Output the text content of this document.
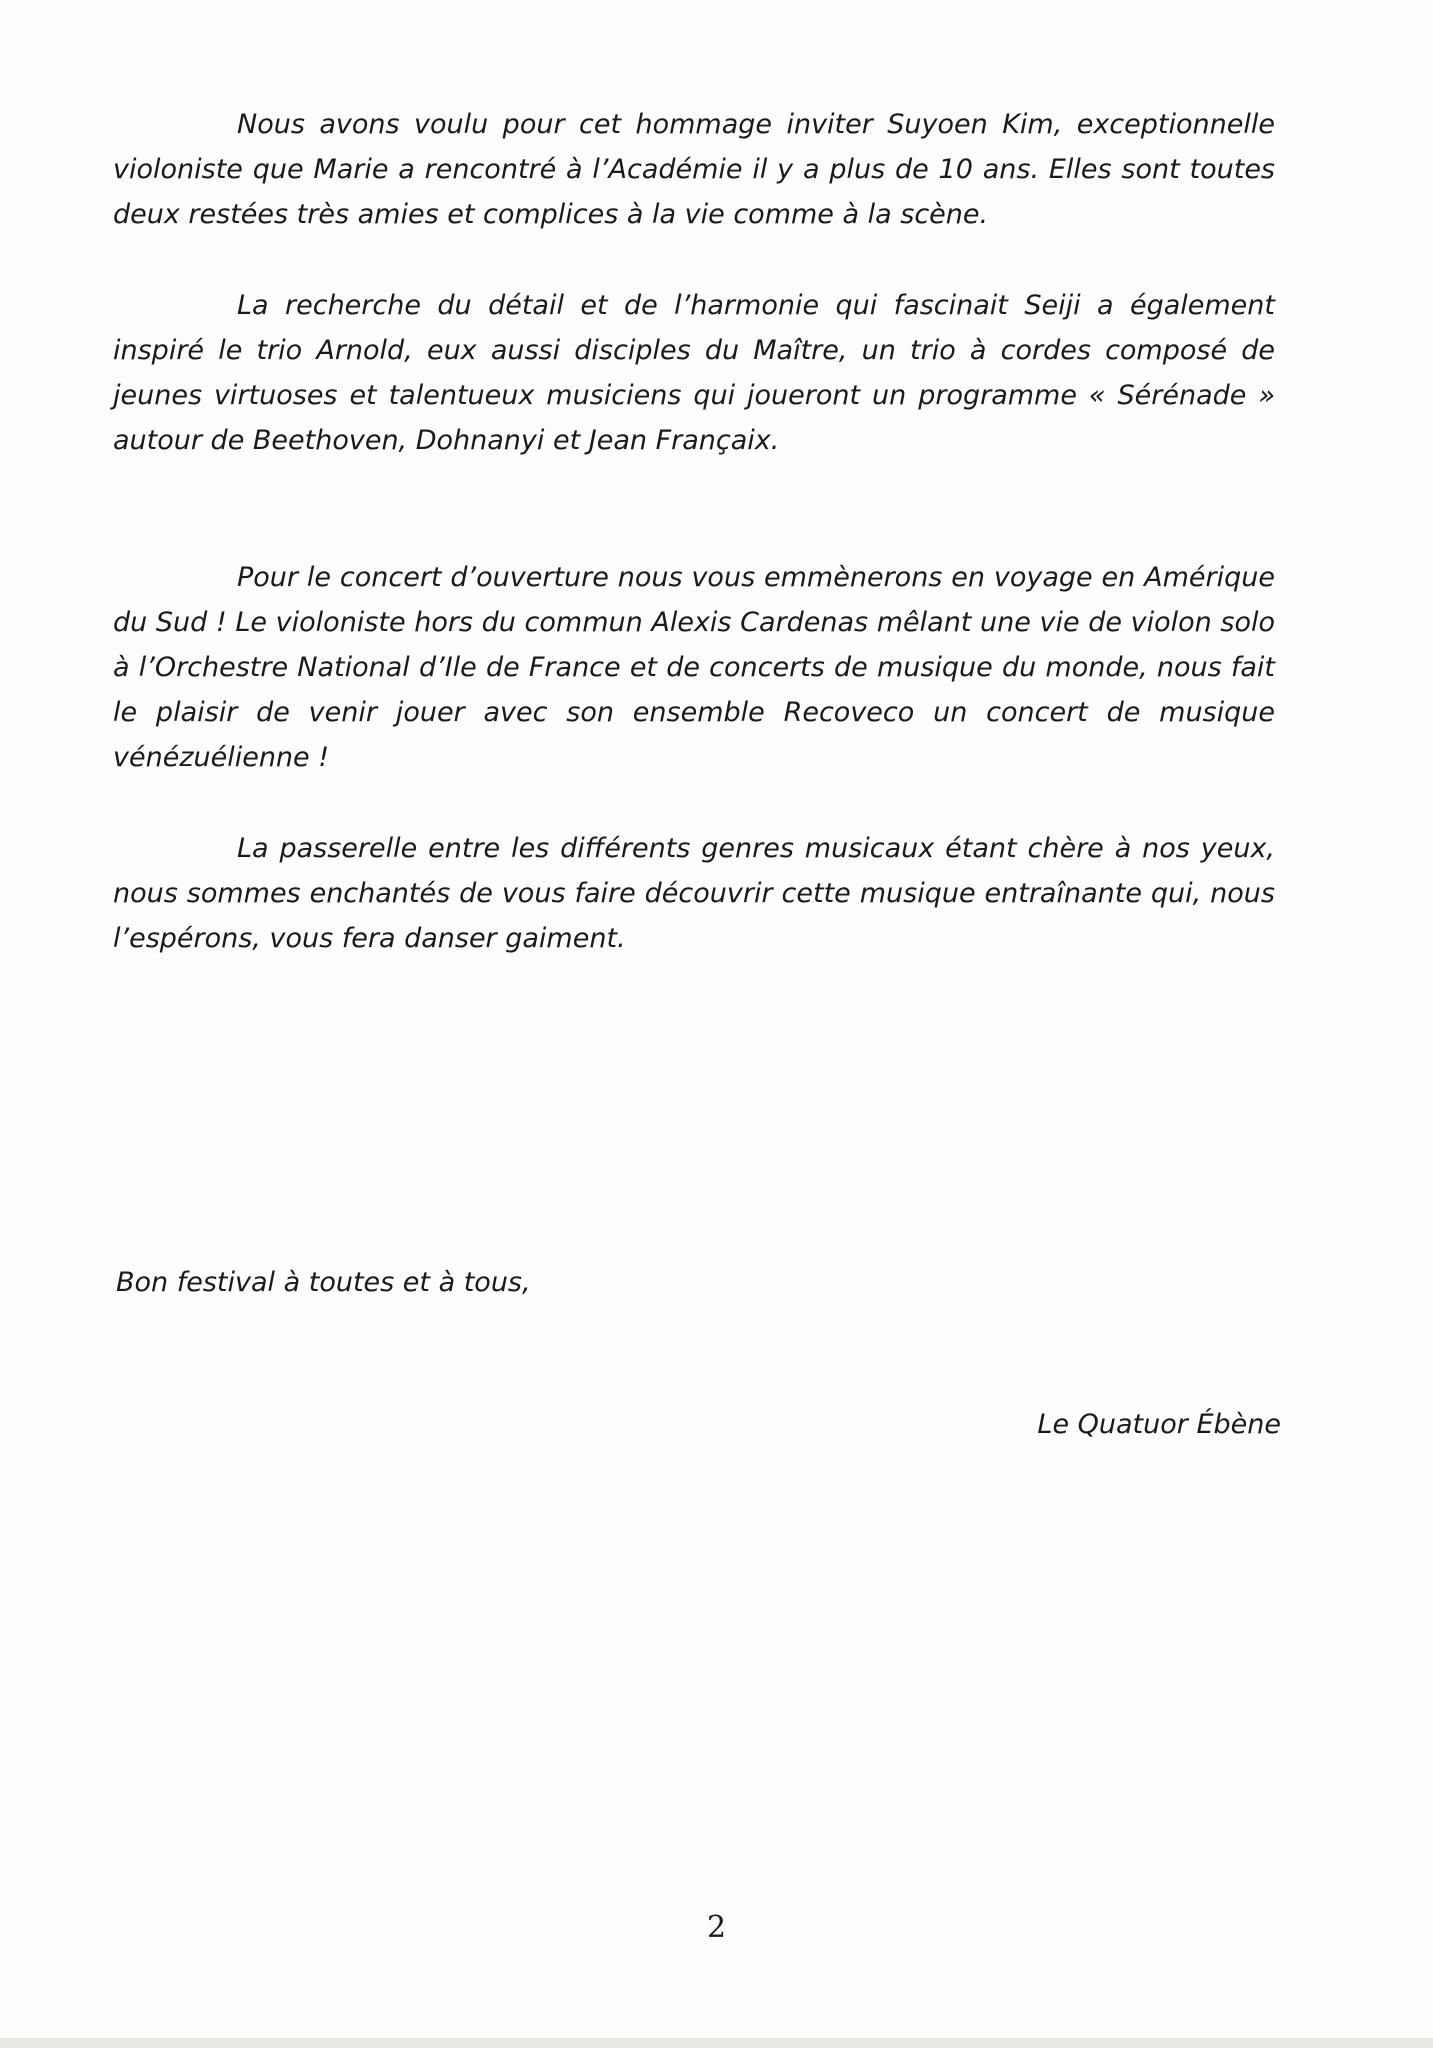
Nous avons voulu pour cet hommage inviter Suyoen Kim, exceptionnelle violoniste que Marie a rencontré à l’Académie il y a plus de 10 ans. Elles sont toutes deux restées très amies et complices à la vie comme à la scène.

La recherche du détail et de l’harmonie qui fascinait Seiji a également inspiré le trio Arnold, eux aussi disciples du Maître, un trio à cordes composé de jeunes virtuoses et talentueux musiciens qui joueront un programme « Sérénade » autour de Beethoven, Dohnanyi et Jean Françaix.

Pour le concert d’ouverture nous vous emmènerons en voyage en Amérique du Sud ! Le violoniste hors du commun Alexis Cardenas mêlant une vie de violon solo à l’Orchestre National d’Ile de France et de concerts de musique du monde, nous fait le plaisir de venir jouer avec son ensemble Recoveco un concert de musique vénézuélienne !

La passerelle entre les différents genres musicaux étant chère à nos yeux, nous sommes enchantés de vous faire découvrir cette musique entraînante qui, nous l’espérons, vous fera danser gaiment.

Bon festival à toutes et à tous,

Le Quatuor Ébène

2
